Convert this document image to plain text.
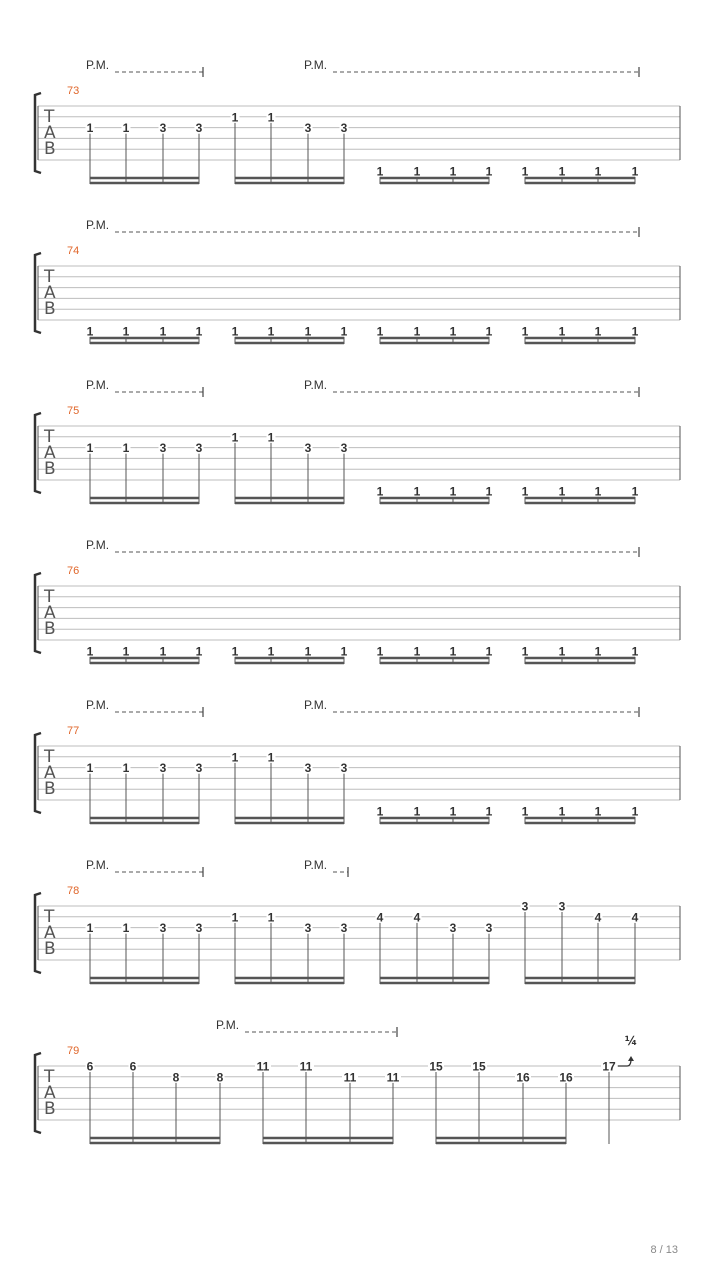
T
A
B
73
P.M.	P.M.
1 1	3 3
1 1
3 3
1	1 1 1 1	1 1	1
T
A
B
74
P.M.
1 1	1 1 1 1	1 1 1	1 1 1 1	1 1	1
T
A
B
75
P.M.	P.M.
1 1	3 3
1 1
3 3
1	1 1 1 1	1 1	1
T
A
B
76
P.M.
1 1	1 1 1 1	1 1 1	1 1 1 1	1 1	1
T
A
B
77
P.M.	P.M.
1 1	3 3
1 1
3 3
1	1 1 1 1	1 1	1
T
A
B
78
P.M.	P.M.
1 1	3 3
1 1
3 3
4	4
3 3
3	3
4	4
T
A
B
79
P.M.
6	6
8	8
11	11
11	11
15 15
16 16
17
¼
8 / 13
